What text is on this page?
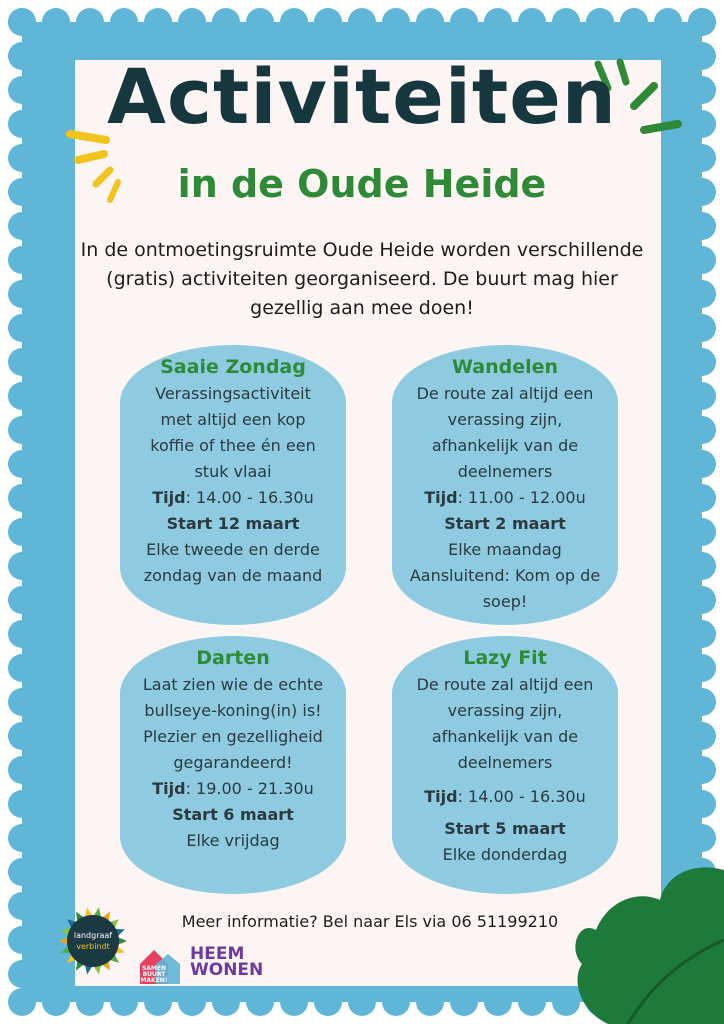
Activiteiten
in de Oude Heide
In de ontmoetingsruimte Oude Heide worden verschillende (gratis) activiteiten georganiseerd. De buurt mag hier gezellig aan mee doen!
Saaie Zondag

Verassingsactiviteit met altijd een kop koffie of thee én een stuk vlaai

Tijd: 14.00 - 16.30u

Start 12 maart

Elke tweede en derde zondag van de maand

Wandelen

De route zal altijd een verassing zijn, afhankelijk van de deelnemers

Tijd: 11.00 - 12.00u

Start 2 maart

Elke maandag Aansluitend: Kom op de soep!

Darten

Laat zien wie de echte bullseye-koning(in) is! Plezier en gezelligheid gegarandeerd!

Tijd: 19.00 - 21.30u

Start 6 maart

Elke vrijdag

Lazy Fit

De route zal altijd een verassing zijn, afhankelijk van de deelnemers

Tijd: 14.00 - 16.30u

Start 5 maart

Elke donderdag

Meer informatie? Bel naar Els via 06 51199210
landgraaf
verbindt
SAMEN
BUURT
MAKEN!
HEEM
WONEN
